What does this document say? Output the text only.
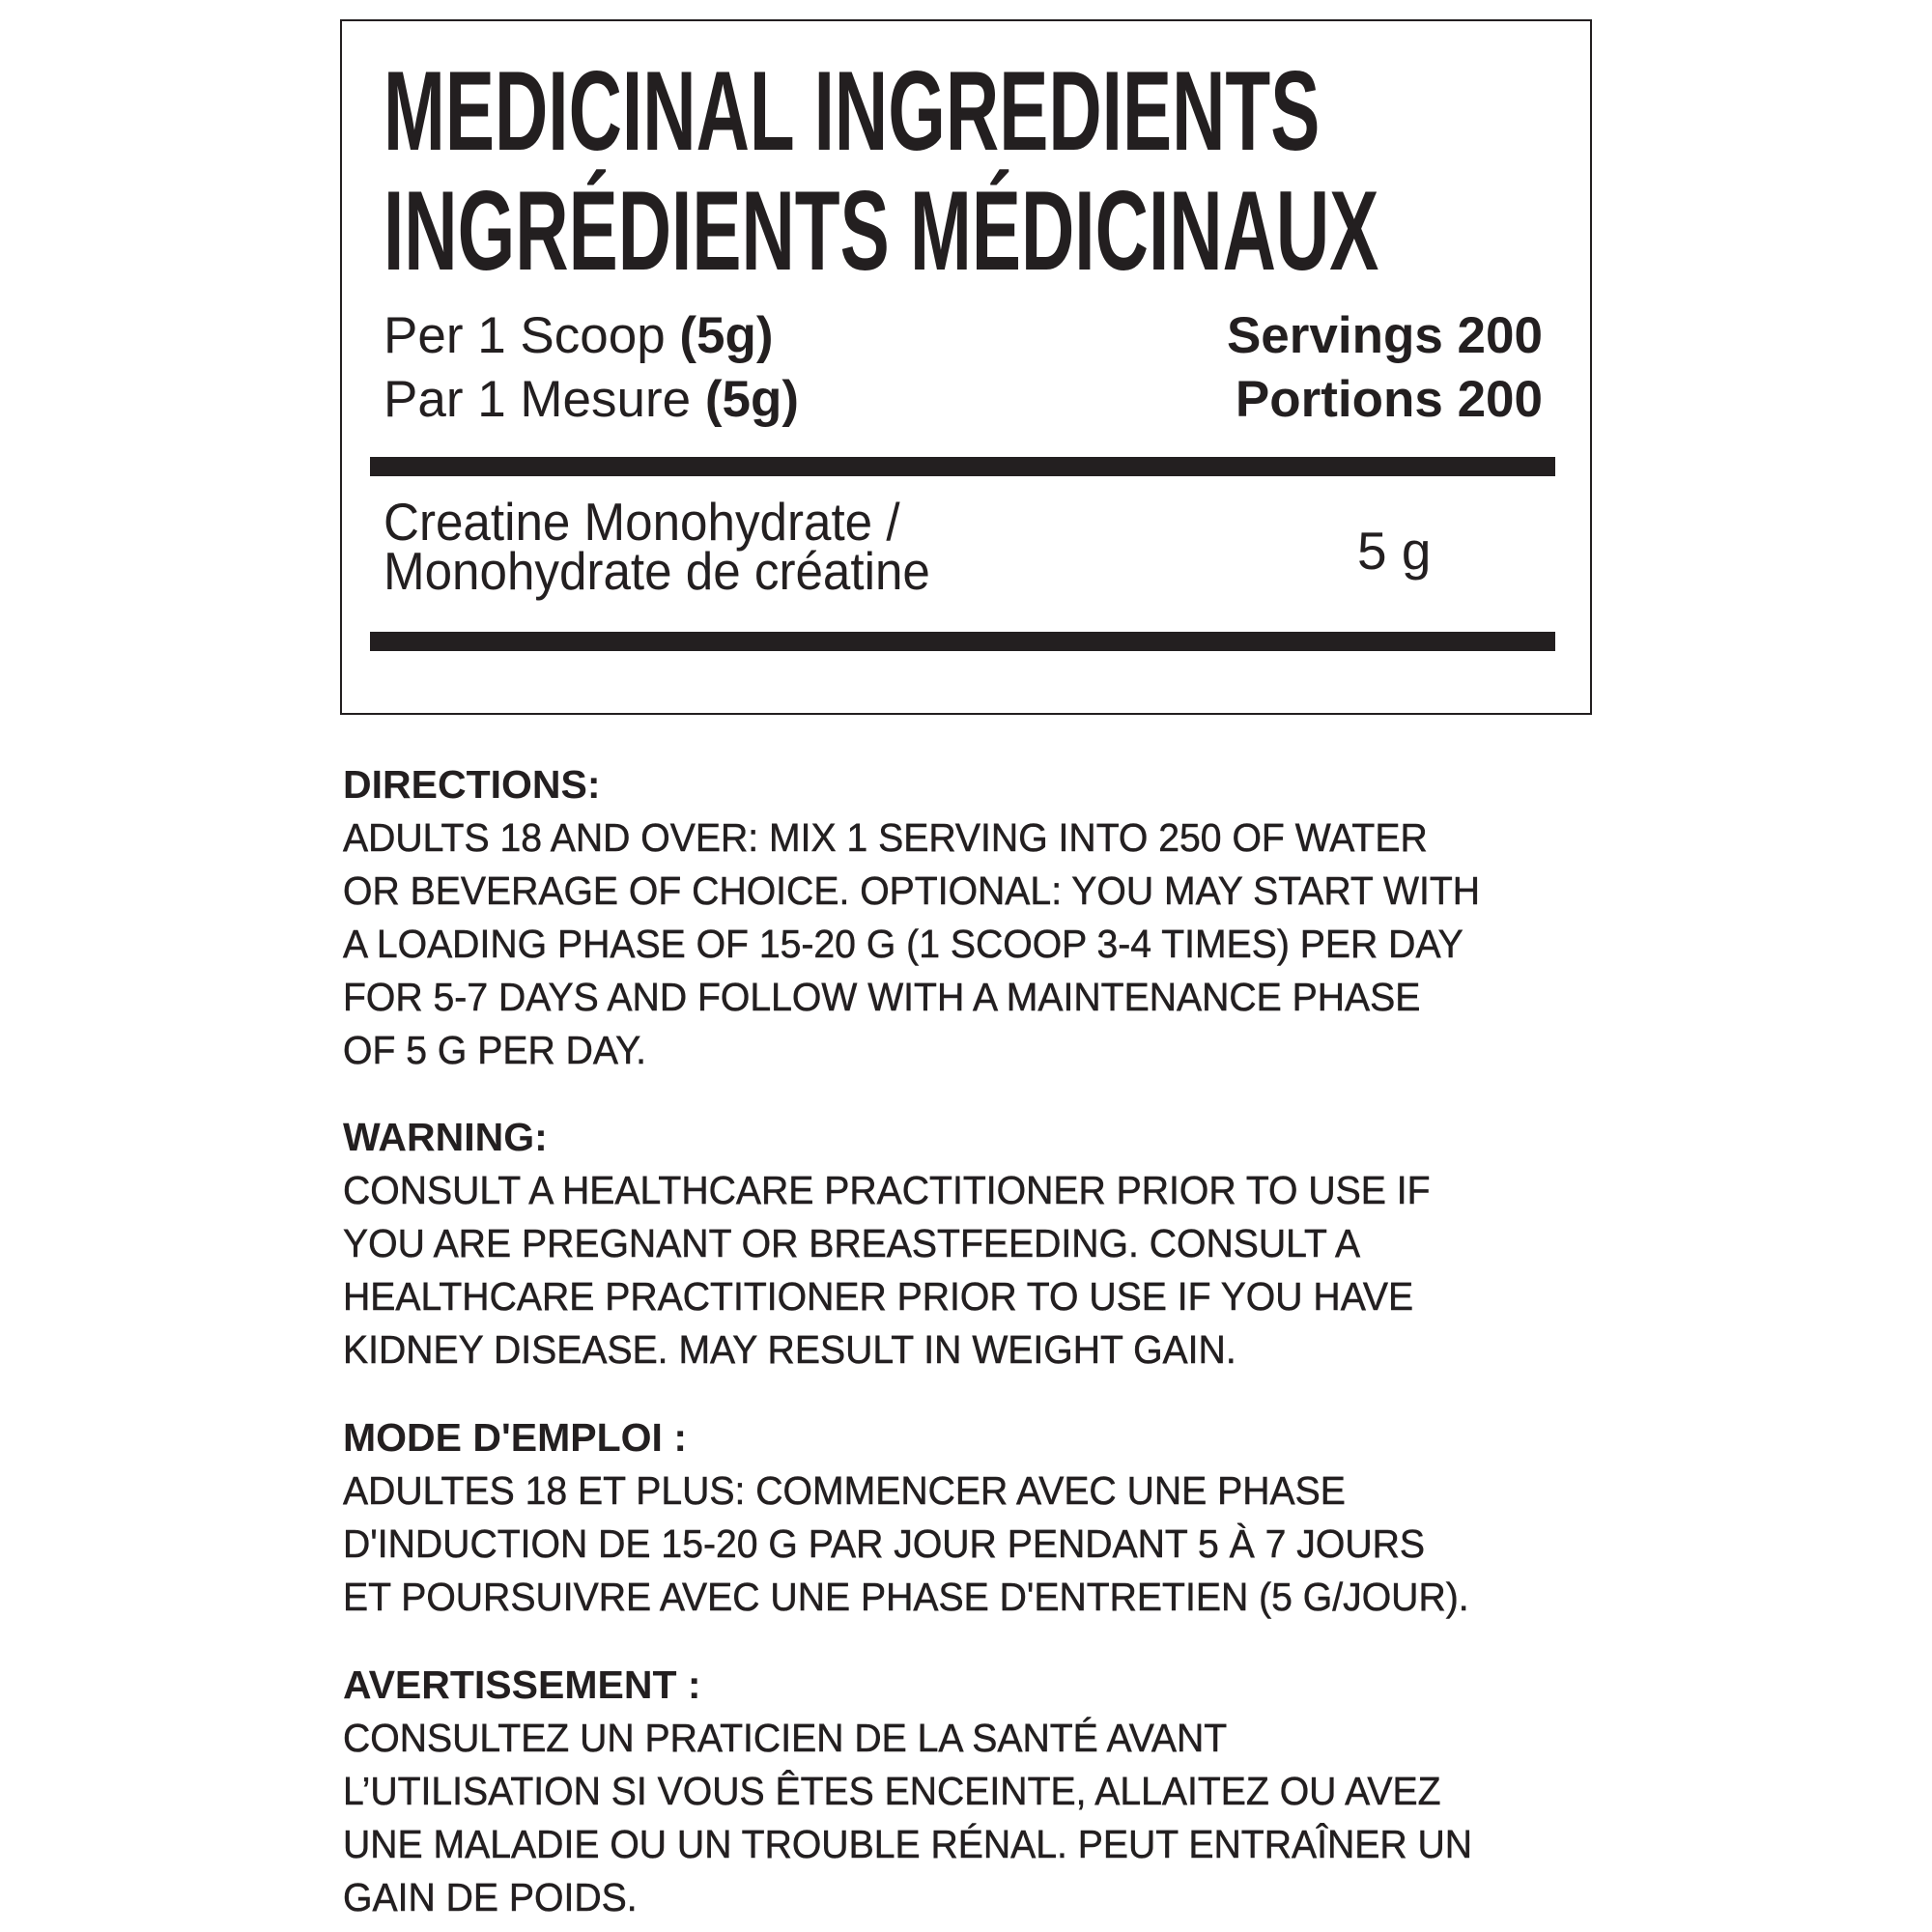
MEDICINAL INGREDIENTS
INGRÉDIENTS MÉDICINAUX
Per 1 Scoop (5g)
Par 1 Mesure (5g)
Servings 200
Portions 200
Creatine Monohydrate /
Monohydrate de créatine	5 g
DIRECTIONS:
ADULTS 18 AND OVER: MIX 1 SERVING INTO 250 OF WATER
OR BEVERAGE OF CHOICE. OPTIONAL: YOU MAY START WITH
A LOADING PHASE OF 15-20 G (1 SCOOP 3-4 TIMES) PER DAY
FOR 5-7 DAYS AND FOLLOW WITH A MAINTENANCE PHASE
OF 5 G PER DAY.
WARNING:
CONSULT A HEALTHCARE PRACTITIONER PRIOR TO USE IF
YOU ARE PREGNANT OR BREASTFEEDING. CONSULT A
HEALTHCARE PRACTITIONER PRIOR TO USE IF YOU HAVE
KIDNEY DISEASE. MAY RESULT IN WEIGHT GAIN.
MODE D'EMPLOI :
ADULTES 18 ET PLUS: COMMENCER AVEC UNE PHASE
D'INDUCTION DE 15-20 G PAR JOUR PENDANT 5 À 7 JOURS
ET POURSUIVRE AVEC UNE PHASE D'ENTRETIEN (5 G/JOUR).
AVERTISSEMENT :
CONSULTEZ UN PRATICIEN DE LA SANTÉ AVANT
L’UTILISATION SI VOUS ÊTES ENCEINTE, ALLAITEZ OU AVEZ
UNE MALADIE OU UN TROUBLE RÉNAL. PEUT ENTRAÎNER UN
GAIN DE POIDS.
